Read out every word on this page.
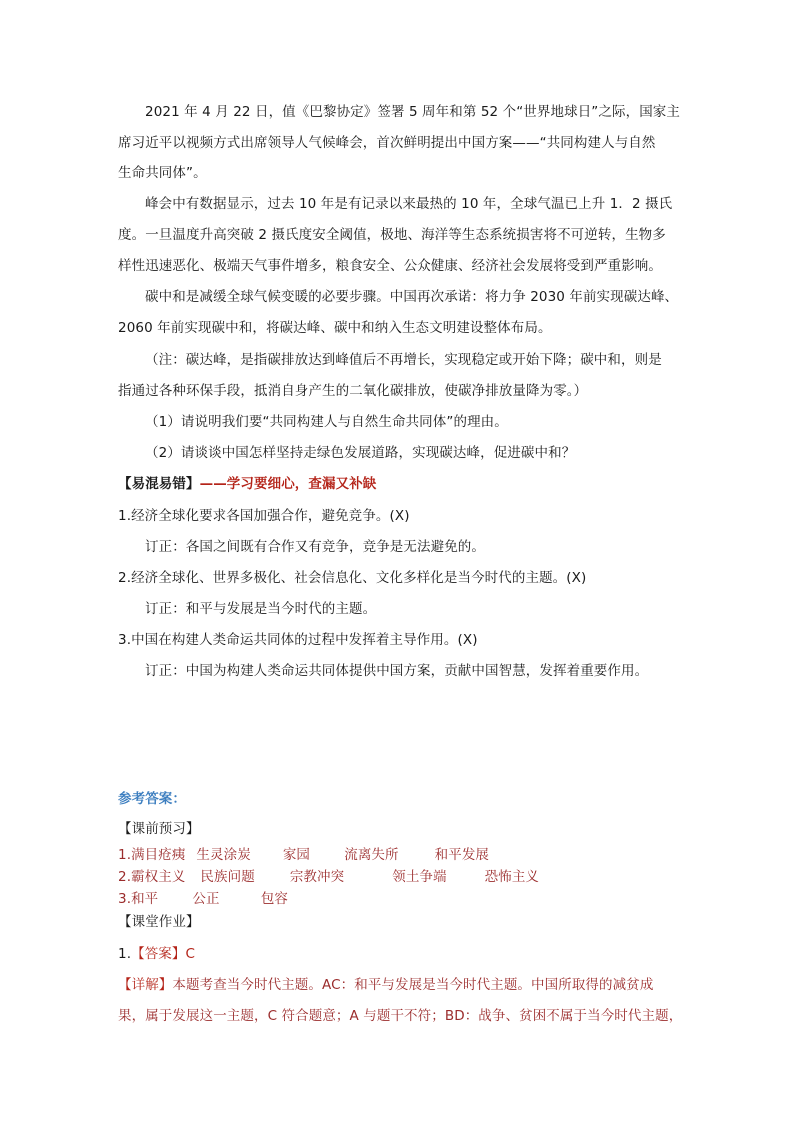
2021 年 4 月 22 日，值《巴黎协定》签署 5 周年和第 52 个“世界地球日”之际，国家主
席习近平以视频方式出席领导人气候峰会，首次鲜明提出中国方案——“共同构建人与自然
生命共同体”。
峰会中有数据显示，过去 10 年是有记录以来最热的 10 年，全球气温已上升 1．2 摄氏
度。一旦温度升高突破 2 摄氏度安全阈值，极地、海洋等生态系统损害将不可逆转，生物多
样性迅速恶化、极端天气事件增多，粮食安全、公众健康、经济社会发展将受到严重影响。
碳中和是减缓全球气候变暖的必要步骤。中国再次承诺：将力争 2030 年前实现碳达峰、
2060 年前实现碳中和，将碳达峰、碳中和纳入生态文明建设整体布局。
（注：碳达峰，是指碳排放达到峰值后不再增长，实现稳定或开始下降；碳中和，则是
指通过各种环保手段，抵消自身产生的二氧化碳排放，使碳净排放量降为零。）
（1）请说明我们要“共同构建人与自然生命共同体”的理由。
（2）请谈谈中国怎样坚持走绿色发展道路，实现碳达峰，促进碳中和？
【易混易错】——学习要细心，查漏又补缺
1.经济全球化要求各国加强合作，避免竞争。(X)
订正：各国之间既有合作又有竞争，竞争是无法避免的。
2.经济全球化、世界多极化、社会信息化、文化多样化是当今时代的主题。(X)
订正：和平与发展是当今时代的主题。
3.中国在构建人类命运共同体的过程中发挥着主导作用。(X)
订正：中国为构建人类命运共同体提供中国方案，贡献中国智慧，发挥着重要作用。
参考答案：
【课前预习】
1.满目疮痍 生灵涂炭 家园	流离失所	和平发展
2.霸权主义 民族问题	宗教冲突	领土争端	恐怖主义
3.和平	公正	包容
【课堂作业】
1.【答案】C
【详解】本题考查当今时代主题。AC：和平与发展是当今时代主题。中国所取得的减贫成
果，属于发展这一主题，C 符合题意；A 与题干不符；BD：战争、贫困不属于当今时代主题，
